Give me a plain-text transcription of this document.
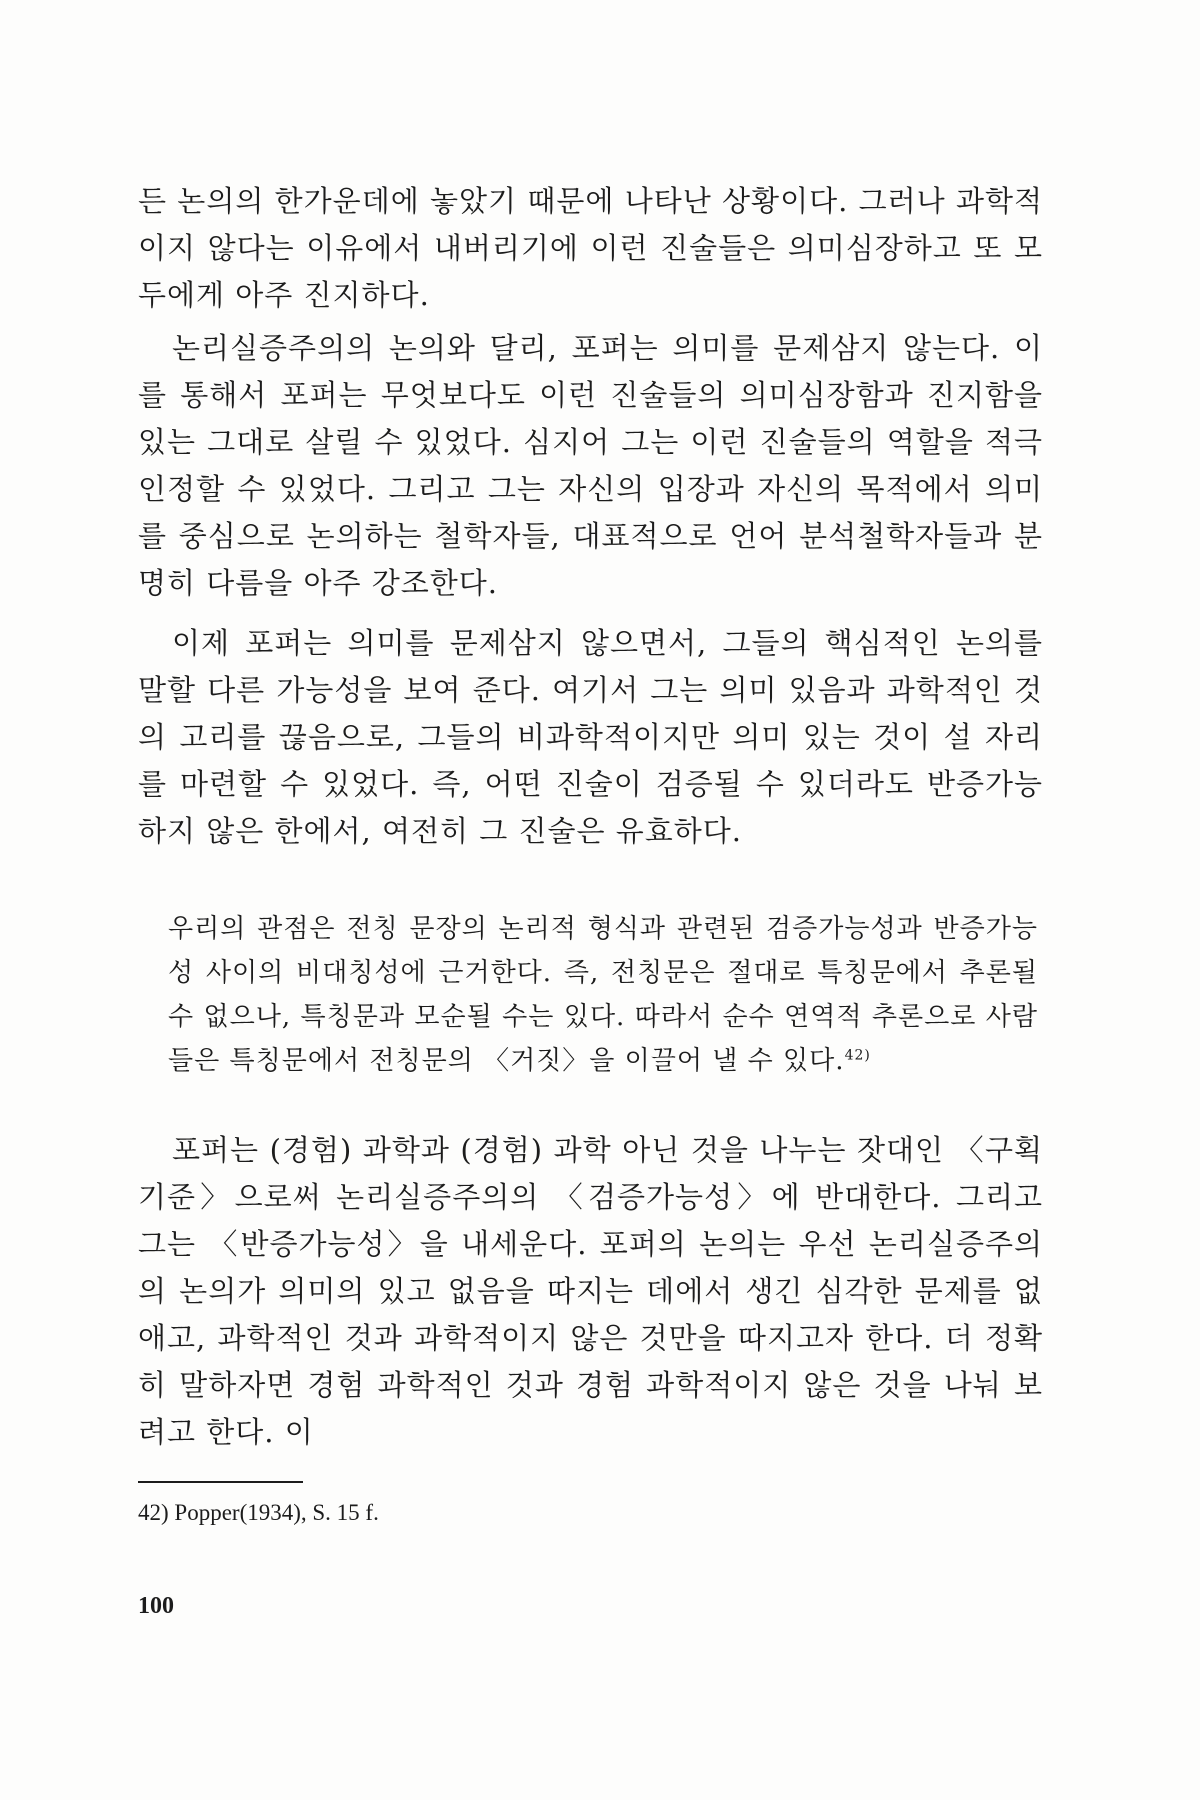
든 논의의 한가운데에 놓았기 때문에 나타난 상황이다. 그러나 과학적이지 않다는 이유에서 내버리기에 이런 진술들은 의미심장하고 또 모두에게 아주 진지하다.

논리실증주의의 논의와 달리, 포퍼는 의미를 문제삼지 않는다. 이를 통해서 포퍼는 무엇보다도 이런 진술들의 의미심장함과 진지함을 있는 그대로 살릴 수 있었다. 심지어 그는 이런 진술들의 역할을 적극 인정할 수 있었다. 그리고 그는 자신의 입장과 자신의 목적에서 의미를 중심으로 논의하는 철학자들, 대표적으로 언어 분석철학자들과 분명히 다름을 아주 강조한다.

이제 포퍼는 의미를 문제삼지 않으면서, 그들의 핵심적인 논의를 말할 다른 가능성을 보여 준다. 여기서 그는 의미 있음과 과학적인 것의 고리를 끊음으로, 그들의 비과학적이지만 의미 있는 것이 설 자리를 마련할 수 있었다. 즉, 어떤 진술이 검증될 수 있더라도 반증가능하지 않은 한에서, 여전히 그 진술은 유효하다.

우리의 관점은 전칭 문장의 논리적 형식과 관련된 검증가능성과 반증가능성 사이의 비대칭성에 근거한다. 즉, 전칭문은 절대로 특칭문에서 추론될 수 없으나, 특칭문과 모순될 수는 있다. 따라서 순수 연역적 추론으로 사람들은 특칭문에서 전칭문의 〈거짓〉을 이끌어 낼 수 있다.$^{42)}$

포퍼는 (경험) 과학과 (경험) 과학 아닌 것을 나누는 잣대인 〈구획기준〉으로써 논리실증주의의 〈검증가능성〉에 반대한다. 그리고 그는 〈반증가능성〉을 내세운다. 포퍼의 논의는 우선 논리실증주의의 논의가 의미의 있고 없음을 따지는 데에서 생긴 심각한 문제를 없애고, 과학적인 것과 과학적이지 않은 것만을 따지고자 한다. 더 정확히 말하자면 경험 과학적인 것과 경험 과학적이지 않은 것을 나눠 보려고 한다. 이

42) Popper(1934), S. 15 f.
100
